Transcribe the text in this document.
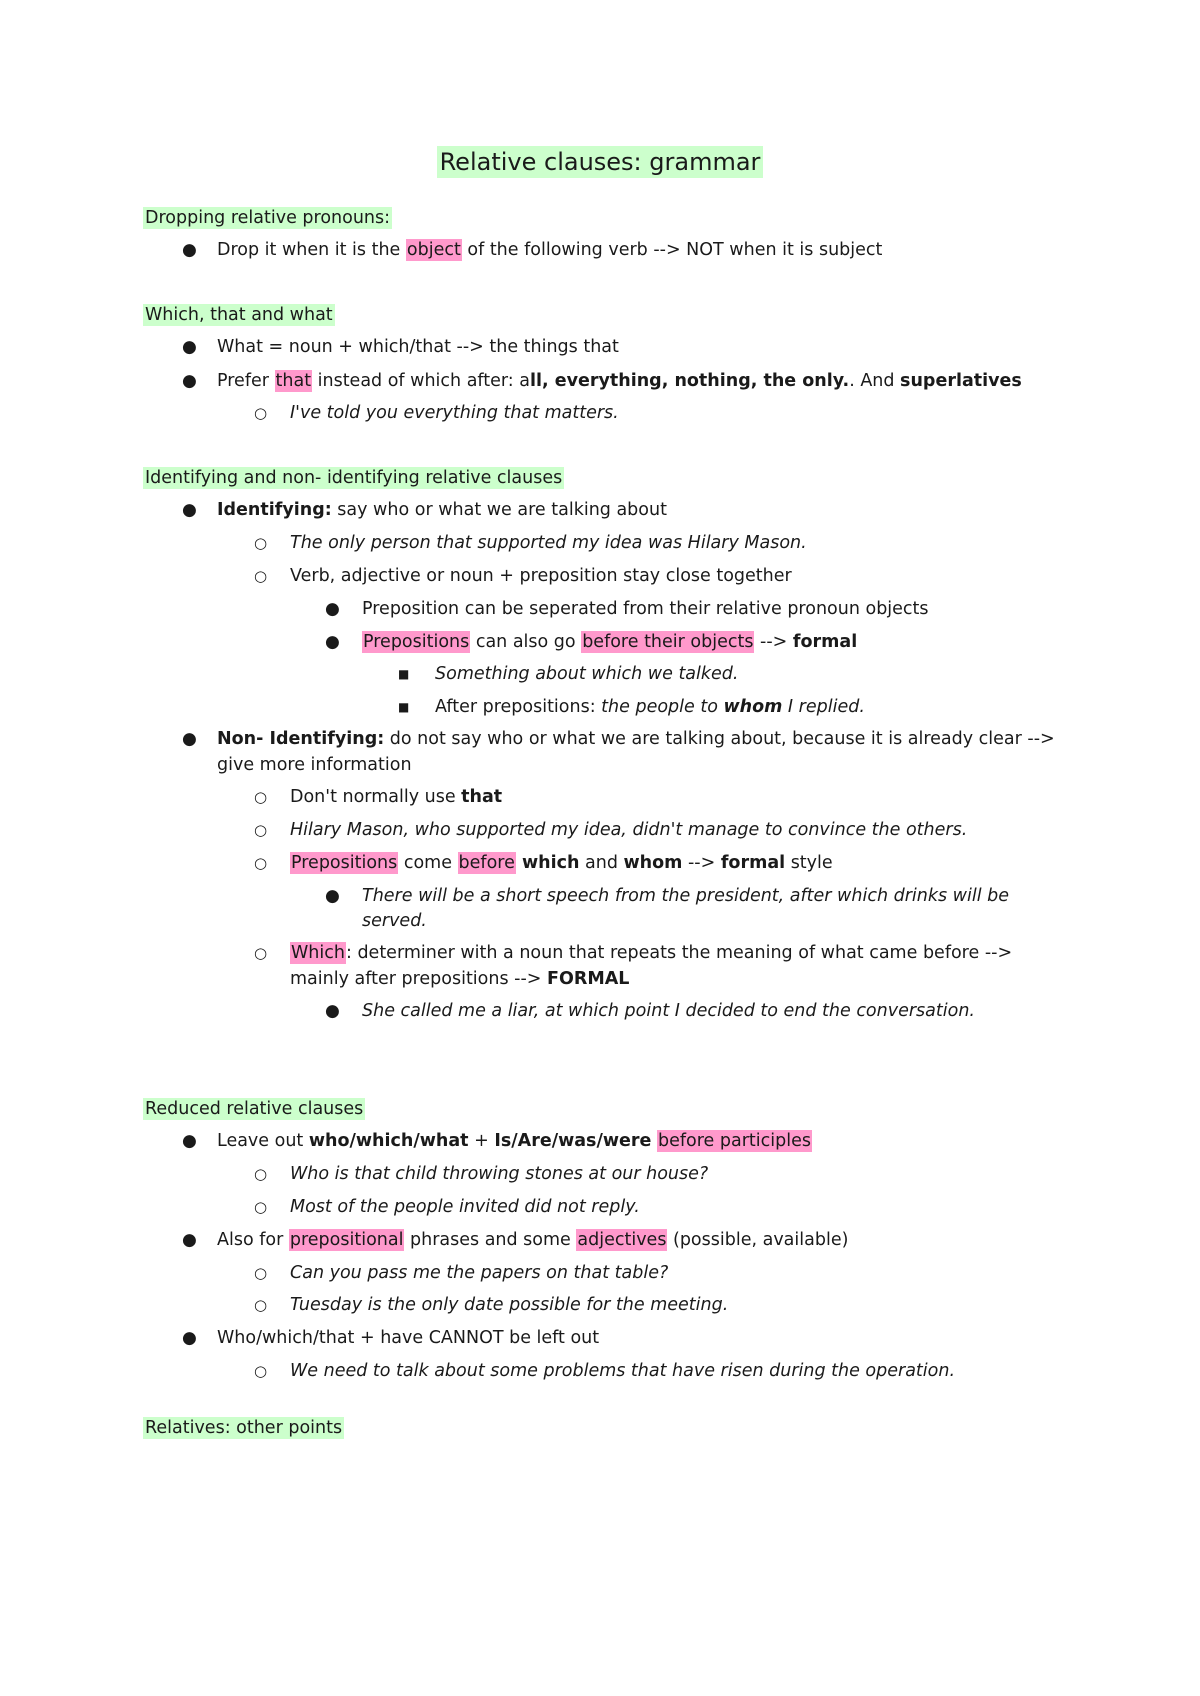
Relative clauses: grammar
Dropping relative pronouns:
● Drop it when it is the object of the following verb --> NOT when it is subject
Which, that and what
● What = noun + which/that --> the things that
● Prefer that instead of which after: all, everything, nothing, the only.. And superlatives
○ I've told you everything that matters.
Identifying and non- identifying relative clauses
● Identifying: say who or what we are talking about
○ The only person that supported my idea was Hilary Mason.
○ Verb, adjective or noun + preposition stay close together
● Preposition can be seperated from their relative pronoun objects
● Prepositions can also go before their objects --> formal
■ Something about which we talked.
■ After prepositions: the people to whom I replied.
● Non- Identifying: do not say who or what we are talking about, because it is already clear -->
give more information
○ Don't normally use that
○ Hilary Mason, who supported my idea, didn't manage to convince the others.
○ Prepositions come before which and whom --> formal style
● There will be a short speech from the president, after which drinks will be
served.
○ Which: determiner with a noun that repeats the meaning of what came before -->
mainly after prepositions --> FORMAL
● She called me a liar, at which point I decided to end the conversation.
Reduced relative clauses
● Leave out who/which/what + Is/Are/was/were before participles
○ Who is that child throwing stones at our house?
○ Most of the people invited did not reply.
● Also for prepositional phrases and some adjectives (possible, available)
○ Can you pass me the papers on that table?
○ Tuesday is the only date possible for the meeting.
● Who/which/that + have CANNOT be left out
○ We need to talk about some problems that have risen during the operation.
Relatives: other points
